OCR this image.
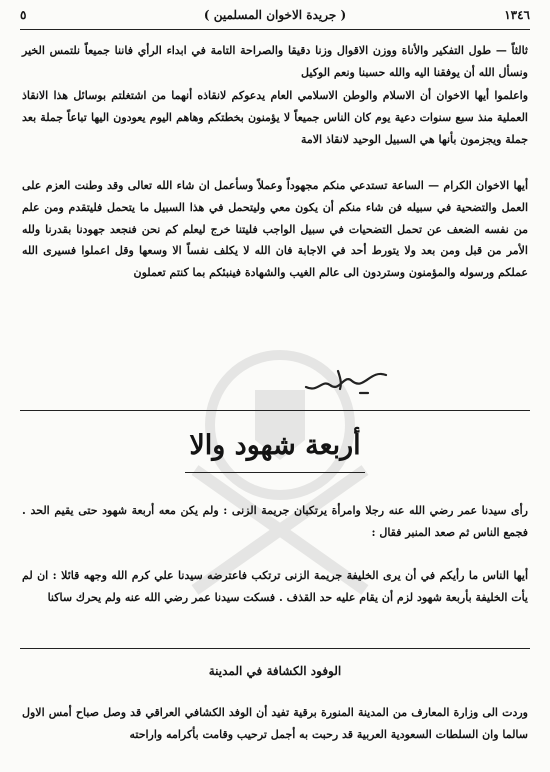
١٣٤٦
( جريدة الاخوان المسلمين )
٥
ثالثاً — طول التفكير والأناة ووزن الاقوال وزنا دقيقا والصراحة التامة في ابداء الرأي فاننا جميعاً نلتمس الخير ونسأل الله أن يوفقنا اليه والله حسبنا ونعم الوكيل
واعلموا أيها الاخوان أن الاسلام والوطن الاسلامي العام يدعوكم لانقاذه أنهما من اشتغلتم بوسائل هذا الانقاذ العملية منذ سبع سنوات دعية يوم كان الناس جميعاً لا يؤمنون بخطتكم وهاهم اليوم يعودون اليها تباعاً جملة بعد جملة ويجزمون بأنها هي السبيل الوحيد لانقاذ الامة
أيها الاخوان الكرام — الساعة تستدعي منكم مجهوداً وعملاً وسأعمل ان شاء الله تعالى وقد وطنت العزم على العمل والتضحية في سبيله فن شاء منكم أن يكون معي وليتحمل في هذا السبيل ما يتحمل فليتقدم ومن علم من نفسه الضعف عن تحمل التضحيات في سبيل الواجب فليتنا خرج ليعلم كم نحن فنجعد جهودنا بقدرنا ولله الأمر من قبل ومن بعد ولا يتورط أحد في الاجابة فان الله لا يكلف نفساً الا وسعها وقل اعملوا فسيرى الله عملكم ورسوله والمؤمنون وستردون الى عالم الغيب والشهادة فينبئكم بما كنتم تعملون
أربعة شهود والا
رأى سيدنا عمر رضي الله عنه رجلا وامرأة يرتكبان جريمة الزنى : ولم يكن معه أربعة شهود حتى يقيم الحد . فجمع الناس ثم صعد المنبر فقال :
أيها الناس ما رأيكم في أن يرى الخليفة جريمة الزنى ترتكب فاعترضه سيدنا علي كرم الله وجهه قائلا : ان لم يأت الخليفة بأربعة شهود لزم أن يقام عليه حد القذف . فسكت سيدنا عمر رضي الله عنه ولم يحرك ساكنا
الوفود الكشافة في المدينة
وردت الى وزارة المعارف من المدينة المنورة برقية تفيد أن الوفد الكشافي العراقي قد وصل صباح أمس الاول سالما وان السلطات السعودية العربية قد رحبت به أجمل ترحيب وقامت بأكرامه واراحته
